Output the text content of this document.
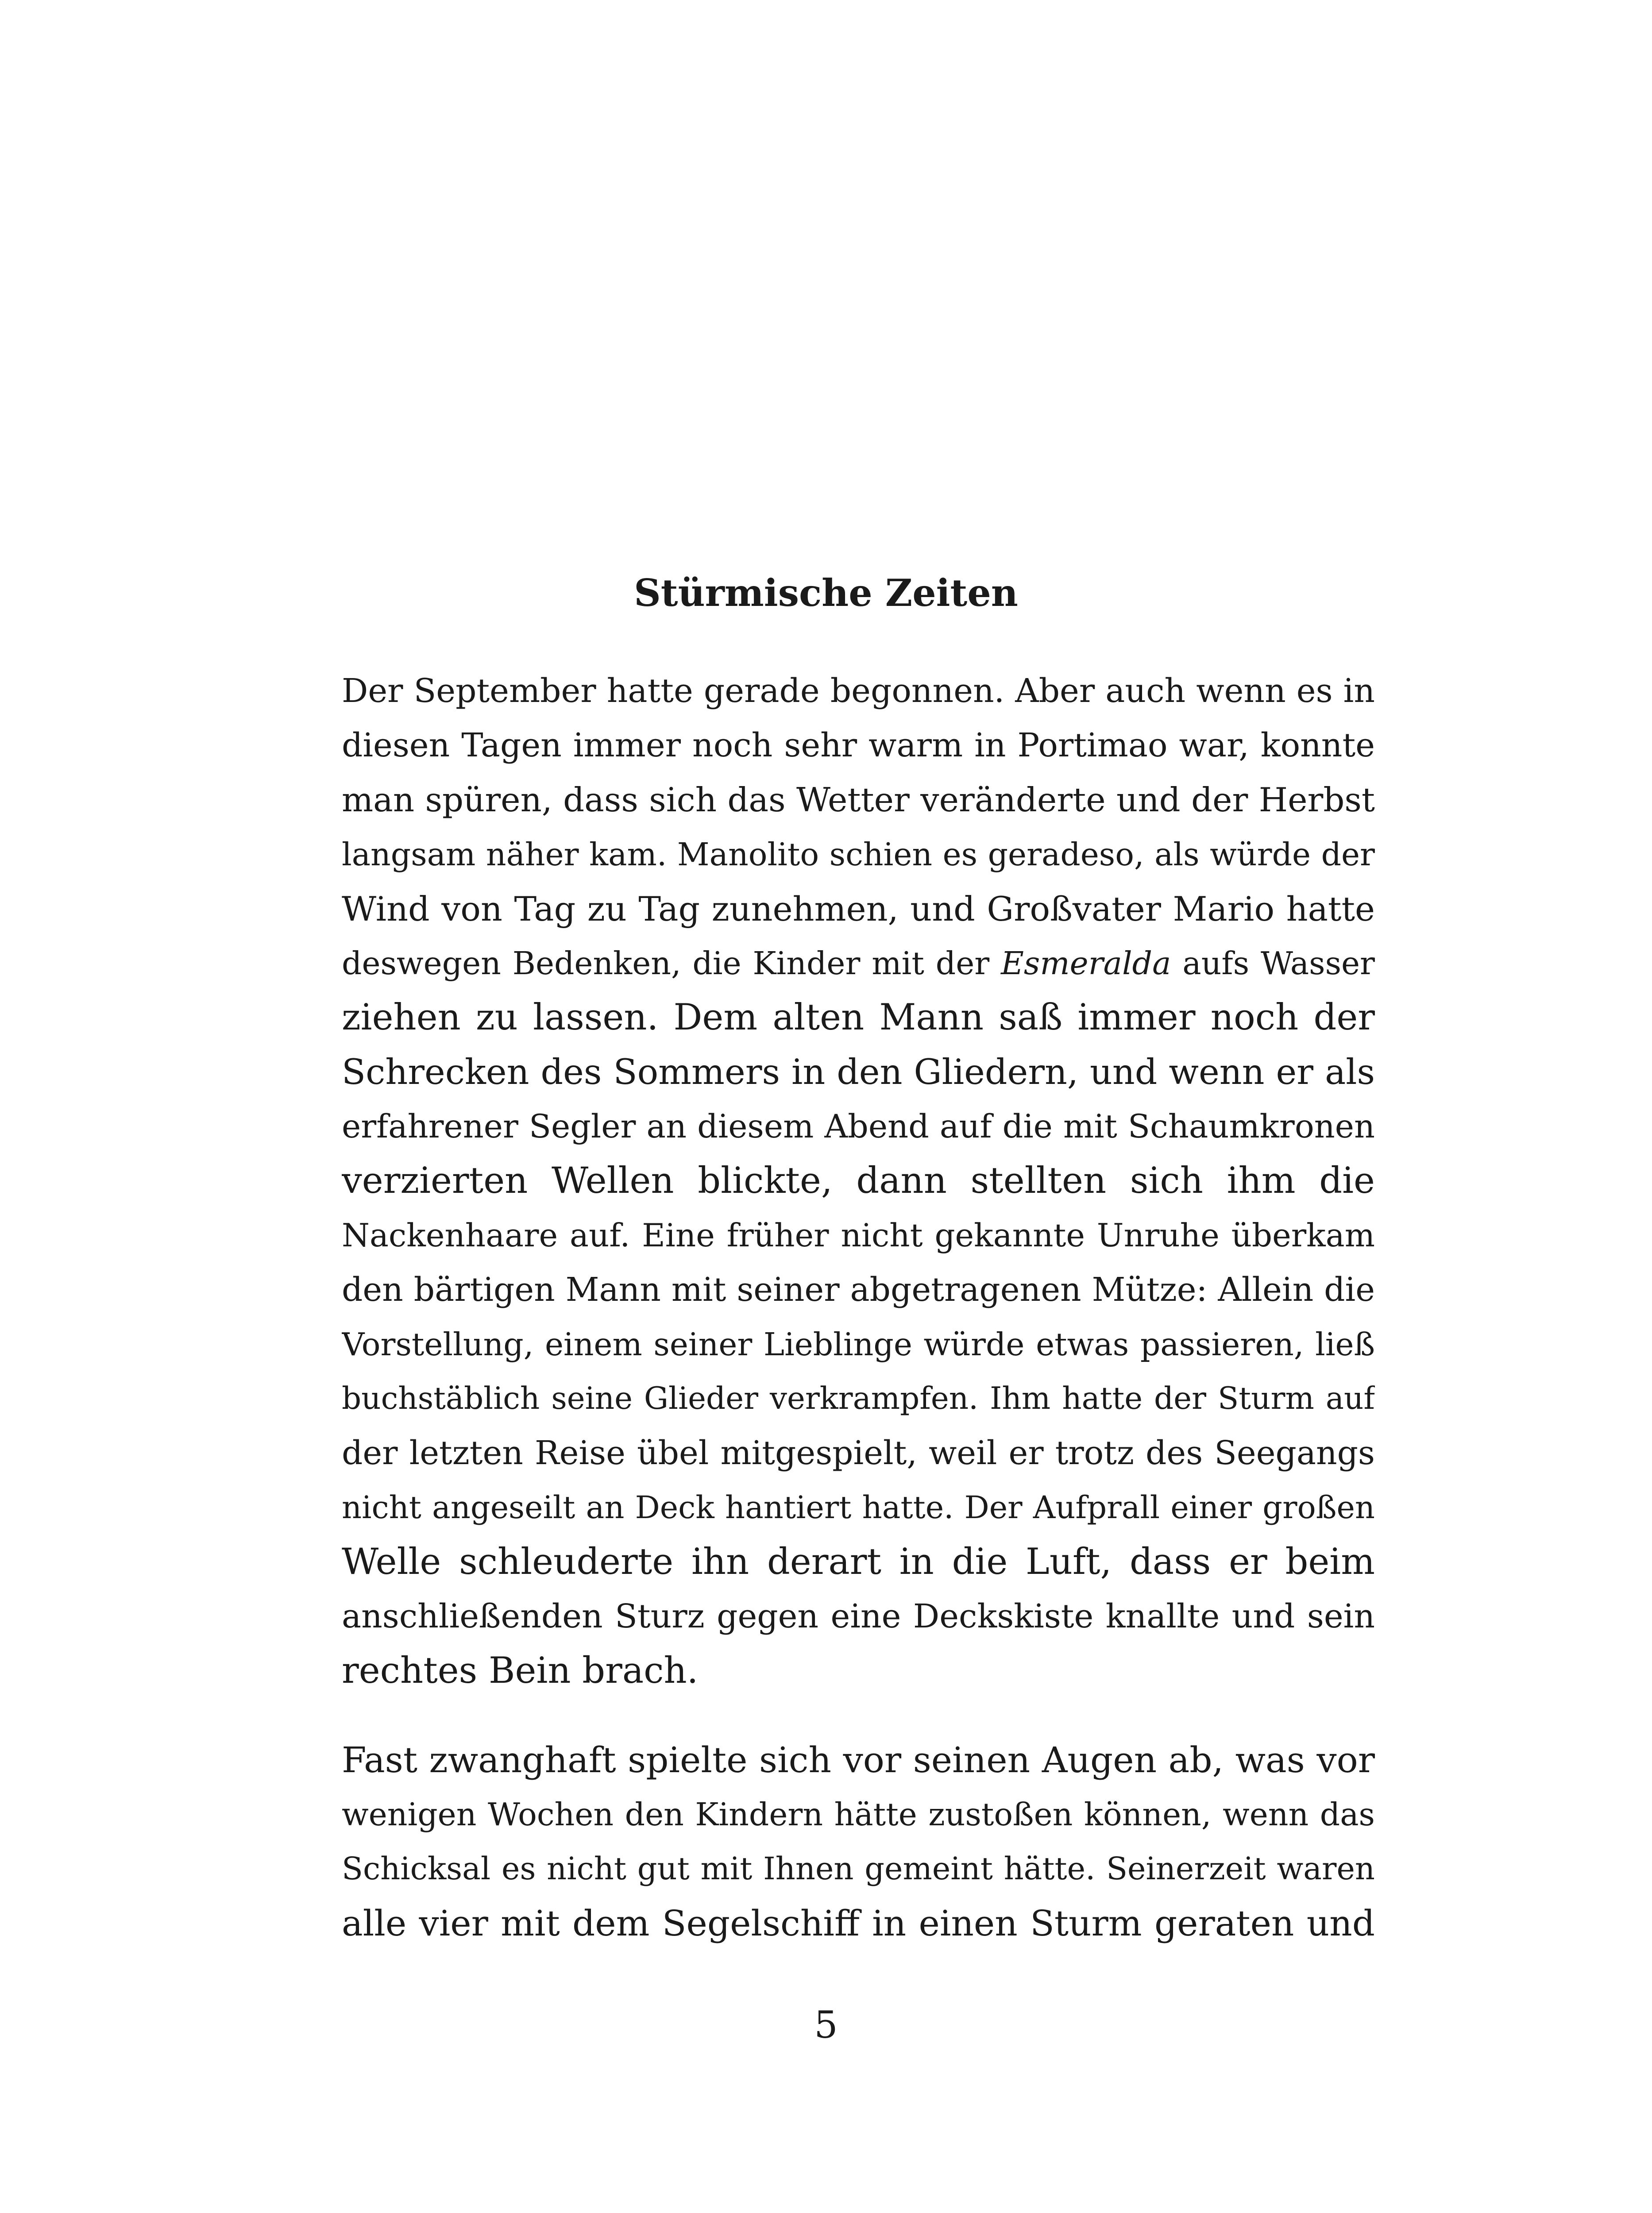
Stürmische Zeiten
Der September hatte gerade begonnen. Aber auch wenn es in
diesen Tagen immer noch sehr warm in Portimao war, konnte
man spüren, dass sich das Wetter veränderte und der Herbst
langsam näher kam. Manolito schien es geradeso, als würde der
Wind von Tag zu Tag zunehmen, und Großvater Mario hatte
deswegen Bedenken, die Kinder mit der Esmeralda aufs Wasser
ziehen zu lassen. Dem alten Mann saß immer noch der
Schrecken des Sommers in den Gliedern, und wenn er als
erfahrener Segler an diesem Abend auf die mit Schaumkronen
verzierten Wellen blickte, dann stellten sich ihm die
Nackenhaare auf. Eine früher nicht gekannte Unruhe überkam
den bärtigen Mann mit seiner abgetragenen Mütze: Allein die
Vorstellung, einem seiner Lieblinge würde etwas passieren, ließ
buchstäblich seine Glieder verkrampfen. Ihm hatte der Sturm auf
der letzten Reise übel mitgespielt, weil er trotz des Seegangs
nicht angeseilt an Deck hantiert hatte. Der Aufprall einer großen
Welle schleuderte ihn derart in die Luft, dass er beim
anschließenden Sturz gegen eine Deckskiste knallte und sein
rechtes Bein brach.
Fast zwanghaft spielte sich vor seinen Augen ab, was vor
wenigen Wochen den Kindern hätte zustoßen können, wenn das
Schicksal es nicht gut mit Ihnen gemeint hätte. Seinerzeit waren
alle vier mit dem Segelschiff in einen Sturm geraten und
5
